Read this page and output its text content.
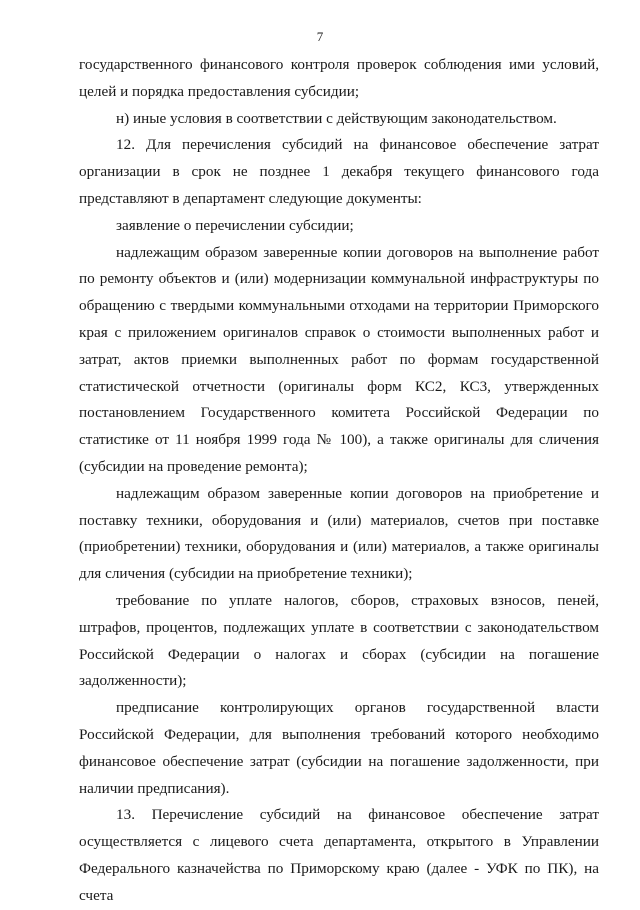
7

государственного финансового контроля проверок соблюдения ими условий, целей и порядка предоставления субсидии;

н) иные условия в соответствии с действующим законодательством.

12. Для перечисления субсидий на финансовое обеспечение затрат организации в срок не позднее 1 декабря текущего финансового года представляют в департамент следующие документы:

заявление о перечислении субсидии;

надлежащим образом заверенные копии договоров на выполнение работ по ремонту объектов и (или) модернизации коммунальной инфраструктуры по обращению с твердыми коммунальными отходами на территории Приморского края с приложением оригиналов справок о стоимости выполненных работ и затрат, актов приемки выполненных работ по формам государственной статистической отчетности (оригиналы форм КС2, КС3, утвержденных постановлением Государственного комитета Российской Федерации по статистике от 11 ноября 1999 года № 100), а также оригиналы для сличения (субсидии на проведение ремонта);

надлежащим образом заверенные копии договоров на приобретение и поставку техники, оборудования и (или) материалов, счетов при поставке (приобретении) техники, оборудования и (или) материалов, а также оригиналы для сличения (субсидии на приобретение техники);

требование по уплате налогов, сборов, страховых взносов, пеней, штрафов, процентов, подлежащих уплате в соответствии с законодательством Российской Федерации о налогах и сборах (субсидии на погашение задолженности);

предписание контролирующих органов государственной власти Российской Федерации, для выполнения требований которого необходимо финансовое обеспечение затрат (субсидии на погашение задолженности, при наличии предписания).

13. Перечисление субсидий на финансовое обеспечение затрат осуществляется с лицевого счета департамента, открытого в Управлении Федерального казначейства по Приморскому краю (далее - УФК по ПК), на счета
